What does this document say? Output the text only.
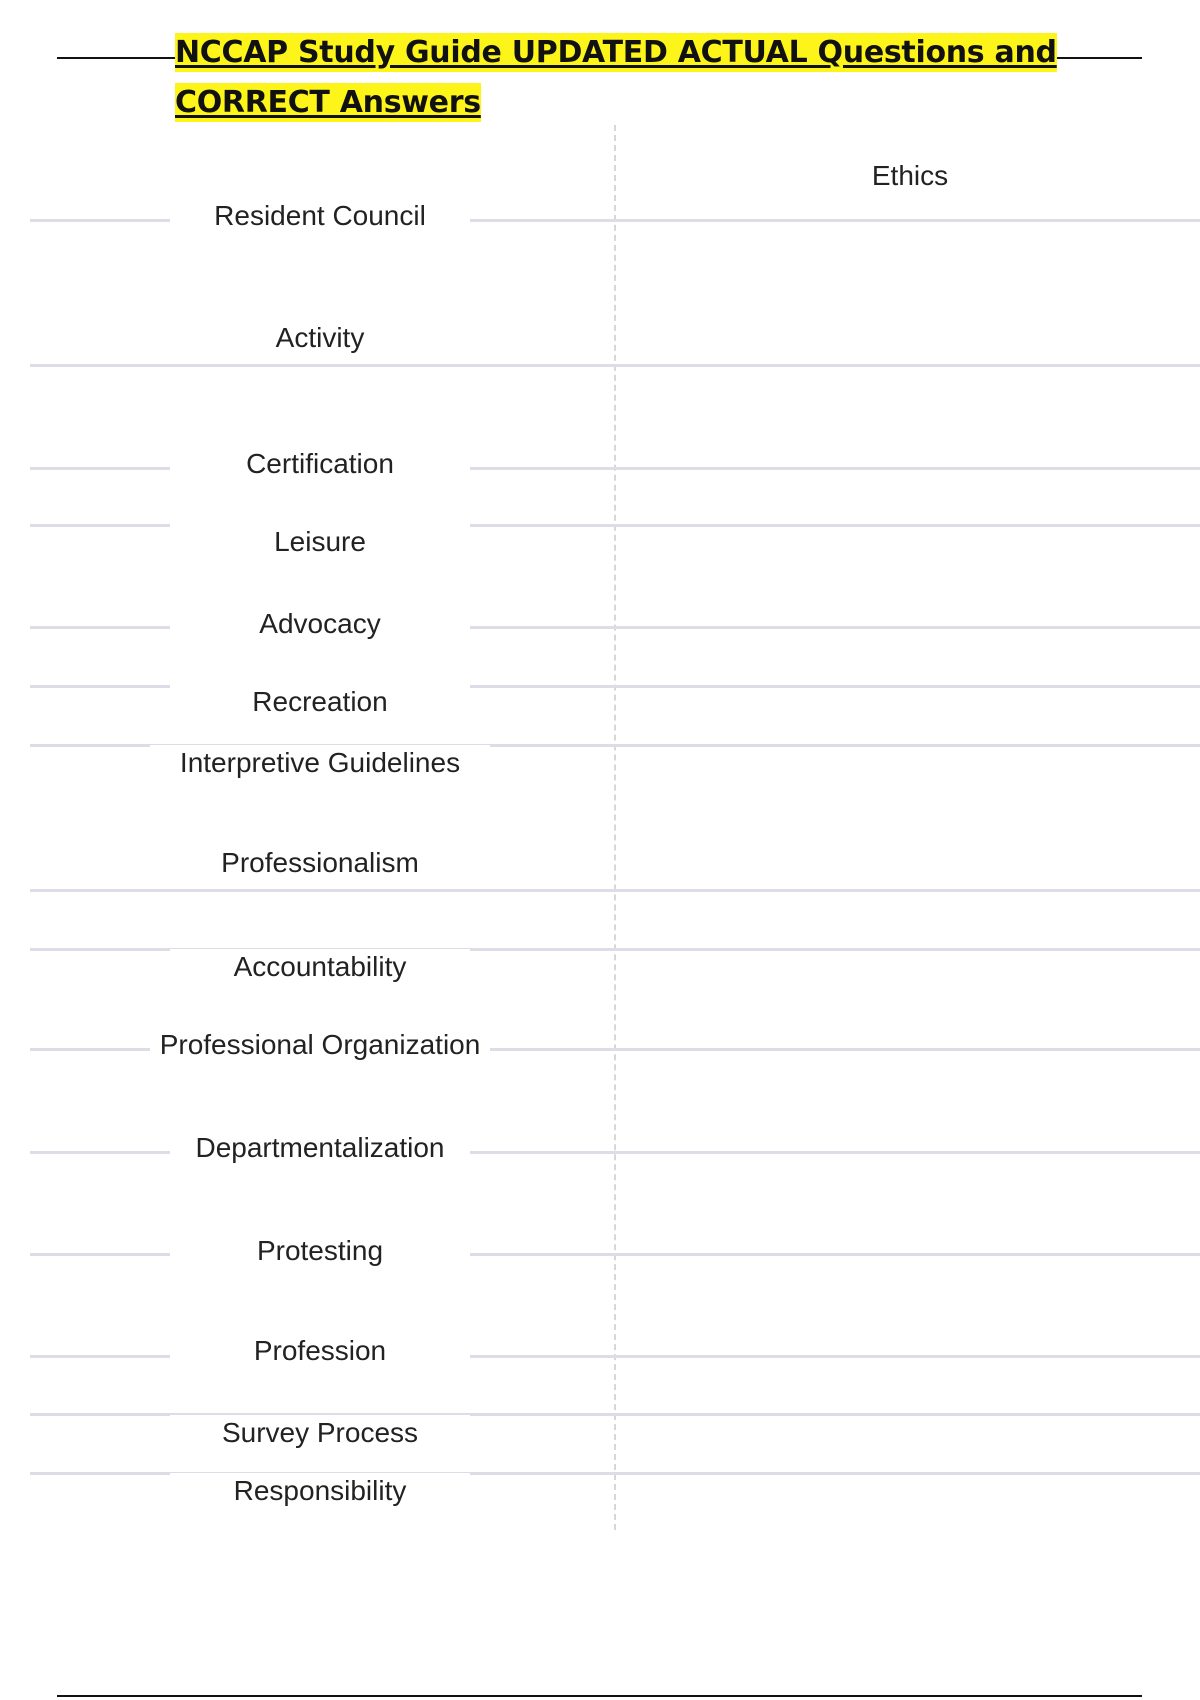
NCCAP Study Guide UPDATED ACTUAL Questions and CORRECT Answers
Ethics
Resident Council
Activity
Certification
Leisure
Advocacy
Recreation
Interpretive Guidelines
Professionalism
Accountability
Professional Organization
Departmentalization
Protesting
Profession
Survey Process
Responsibility
